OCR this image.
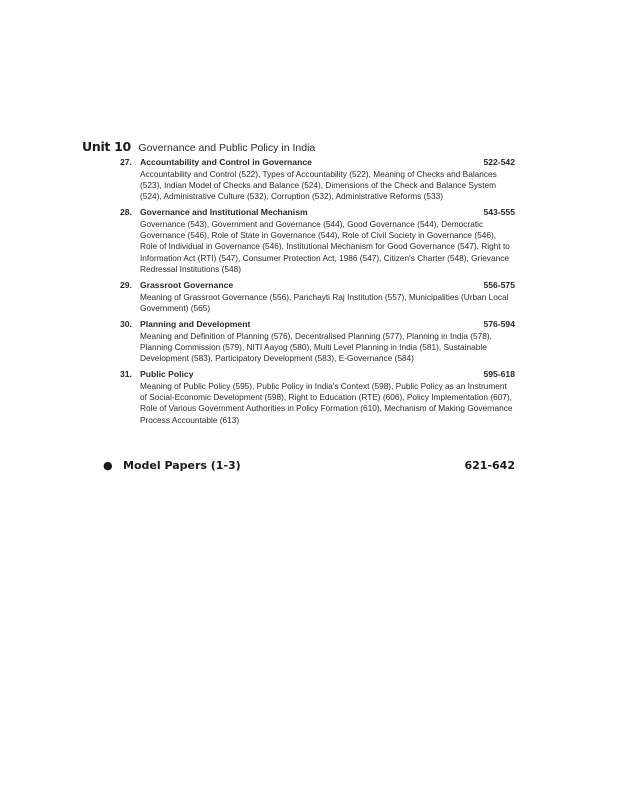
Unit 10 Governance and Public Policy in India
27. Accountability and Control in Governance	522-542
Accountability and Control (522), Types of Accountability (522), Meaning of Checks and Balances (523), Indian Model of Checks and Balance (524), Dimensions of the Check and Balance System (524), Administrative Culture (532), Corruption (532), Administrative Reforms (533)
28. Governance and Institutional Mechanism	543-555
Governance (543), Government and Governance (544), Good Governance (544), Democratic Governance (546), Role of State in Governance (544), Role of Civil Society in Governance (546), Role of Individual in Governance (546), Institutional Mechanism for Good Governance (547), Right to Information Act (RTI) (547), Consumer Protection Act, 1986 (547), Citizen's Charter (548), Grievance Redressal Institutions (548)
29. Grassroot Governance	556-575
Meaning of Grassroot Governance (556), Panchayti Raj Institution (557), Municipalities (Urban Local Government) (565)
30. Planning and Development	576-594
Meaning and Definition of Planning (576), Decentralised Planning (577), Planning in India (578), Planning Commission (579), NITI Aayog (580), Multi Level Planning in India (581), Sustainable Development (583), Participatory Development (583), E-Governance (584)
31. Public Policy	595-618
Meaning of Public Policy (595), Public Policy in India's Context (598), Public Policy as an Instrument of Social-Economic Development (598), Right to Education (RTE) (606), Policy Implementation (607), Role of Various Government Authorities in Policy Formation (610), Mechanism of Making Governance Process Accountable (613)
● Model Papers (1-3)	621-642
